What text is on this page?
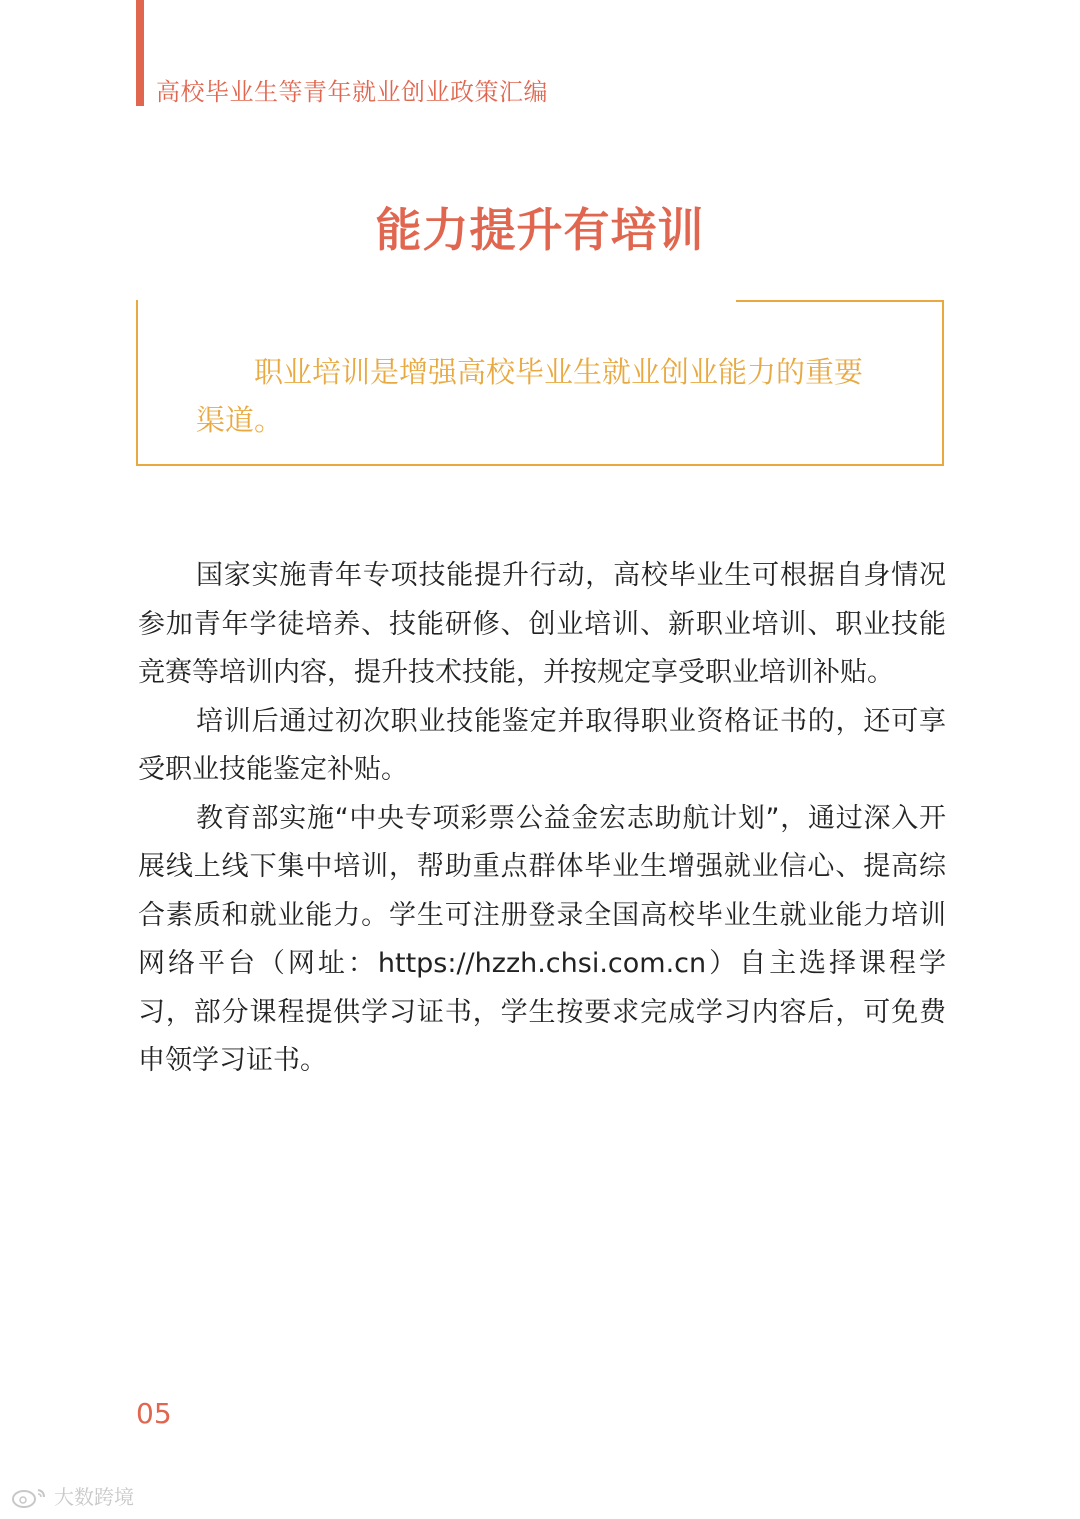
高校毕业生等青年就业创业政策汇编
能力提升有培训
职业培训是增强高校毕业生就业创业能力的重要渠道。

国家实施青年专项技能提升行动，高校毕业生可根据自身情况参加青年学徒培养、技能研修、创业培训、新职业培训、职业技能竞赛等培训内容，提升技术技能，并按规定享受职业培训补贴。

培训后通过初次职业技能鉴定并取得职业资格证书的，还可享受职业技能鉴定补贴。

教育部实施“中央专项彩票公益金宏志助航计划”，通过深入开展线上线下集中培训，帮助重点群体毕业生增强就业信心、提高综合素质和就业能力。学生可注册登录全国高校毕业生就业能力培训网络平台（网址：https://hzzh.chsi.com.cn）自主选择课程学习，部分课程提供学习证书，学生按要求完成学习内容后，可免费申领学习证书。

05
大数跨境
